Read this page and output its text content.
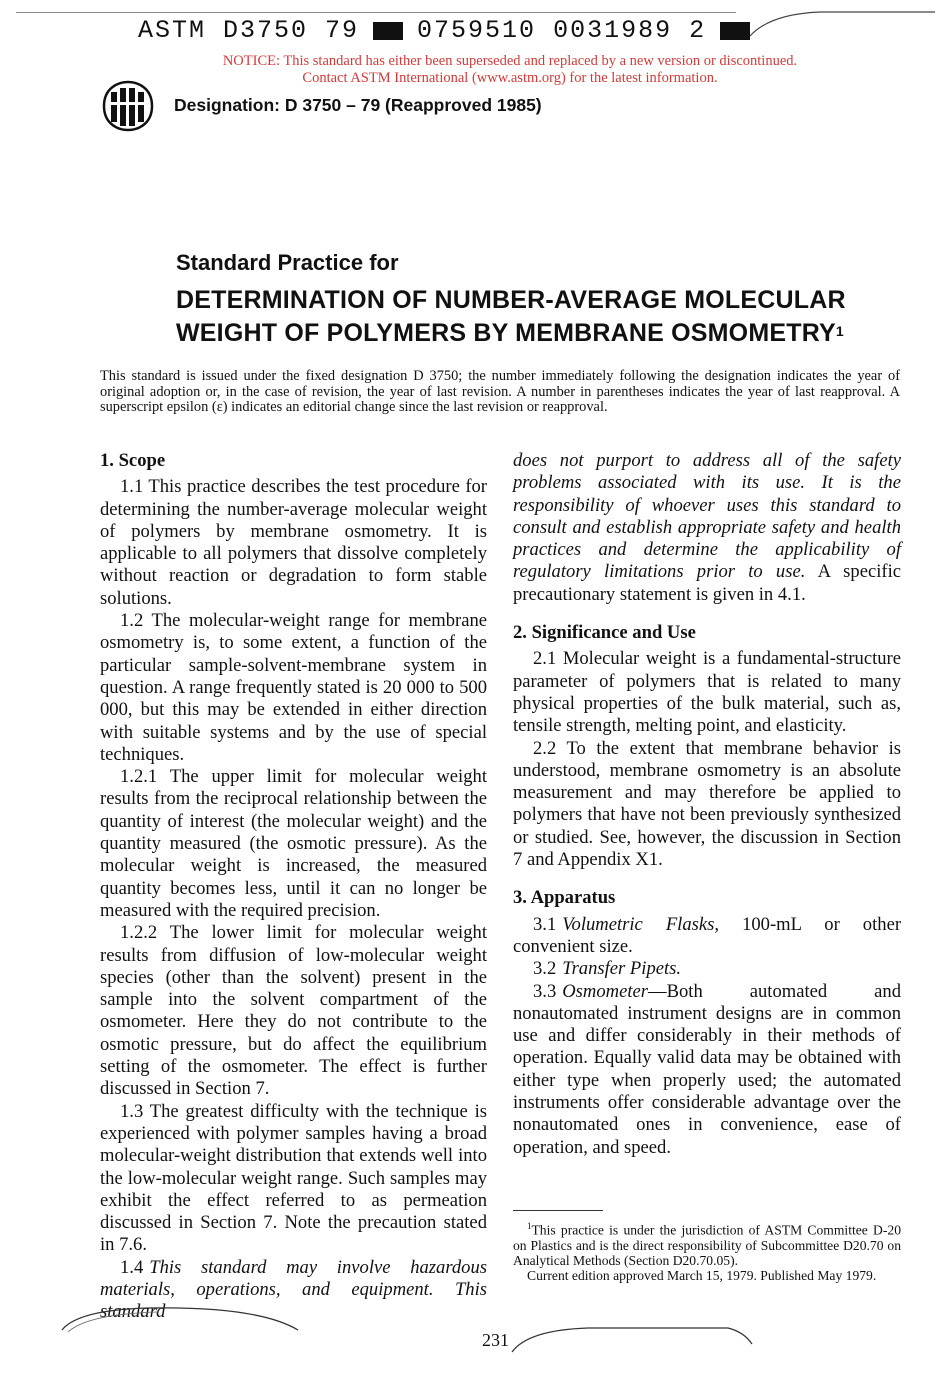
ASTM D3750 79 0759510 0031989 2
NOTICE: This standard has either been superseded and replaced by a new version or discontinued.
Contact ASTM International (www.astm.org) for the latest information.
Designation: D 3750 – 79 (Reapproved 1985)
Standard Practice for
DETERMINATION OF NUMBER-AVERAGE MOLECULAR
WEIGHT OF POLYMERS BY MEMBRANE OSMOMETRY$^1$
This standard is issued under the fixed designation D 3750; the number immediately following the designation indicates the year of original adoption or, in the case of revision, the year of last revision. A number in parentheses indicates the year of last reapproval. A superscript epsilon (ε) indicates an editorial change since the last revision or reapproval.
1. Scope

1.1 This practice describes the test procedure for determining the number-average molecular weight of polymers by membrane osmometry. It is applicable to all polymers that dissolve completely without reaction or degradation to form stable solutions.

1.2 The molecular-weight range for membrane osmometry is, to some extent, a function of the particular sample-solvent-membrane system in question. A range frequently stated is 20 000 to 500 000, but this may be extended in either direction with suitable systems and by the use of special techniques.

1.2.1 The upper limit for molecular weight results from the reciprocal relationship between the quantity of interest (the molecular weight) and the quantity measured (the osmotic pressure). As the molecular weight is increased, the measured quantity becomes less, until it can no longer be measured with the required precision.

1.2.2 The lower limit for molecular weight results from diffusion of low-molecular weight species (other than the solvent) present in the sample into the solvent compartment of the osmometer. Here they do not contribute to the osmotic pressure, but do affect the equilibrium setting of the osmometer. The effect is further discussed in Section 7.

1.3 The greatest difficulty with the technique is experienced with polymer samples having a broad molecular-weight distribution that extends well into the low-molecular weight range. Such samples may exhibit the effect referred to as permeation discussed in Section 7. Note the precaution stated in 7.6.

1.4 This standard may involve hazardous materials, operations, and equipment. This standard

does not purport to address all of the safety problems associated with its use. It is the responsibility of whoever uses this standard to consult and establish appropriate safety and health practices and determine the applicability of regulatory limitations prior to use. A specific precautionary statement is given in 4.1.

2. Significance and Use

2.1 Molecular weight is a fundamental-structure parameter of polymers that is related to many physical properties of the bulk material, such as, tensile strength, melting point, and elasticity.

2.2 To the extent that membrane behavior is understood, membrane osmometry is an absolute measurement and may therefore be applied to polymers that have not been previously synthesized or studied. See, however, the discussion in Section 7 and Appendix X1.

3. Apparatus

3.1 Volumetric Flasks, 100-mL or other convenient size.

3.2 Transfer Pipets.

3.3 Osmometer—Both automated and nonautomated instrument designs are in common use and differ considerably in their methods of operation. Equally valid data may be obtained with either type when properly used; the automated instruments offer considerable advantage over the nonautomated ones in convenience, ease of operation, and speed.

$^1$This practice is under the jurisdiction of ASTM Committee D-20 on Plastics and is the direct responsibility of Subcommittee D20.70 on Analytical Methods (Section D20.70.05).

Current edition approved March 15, 1979. Published May 1979.

231
